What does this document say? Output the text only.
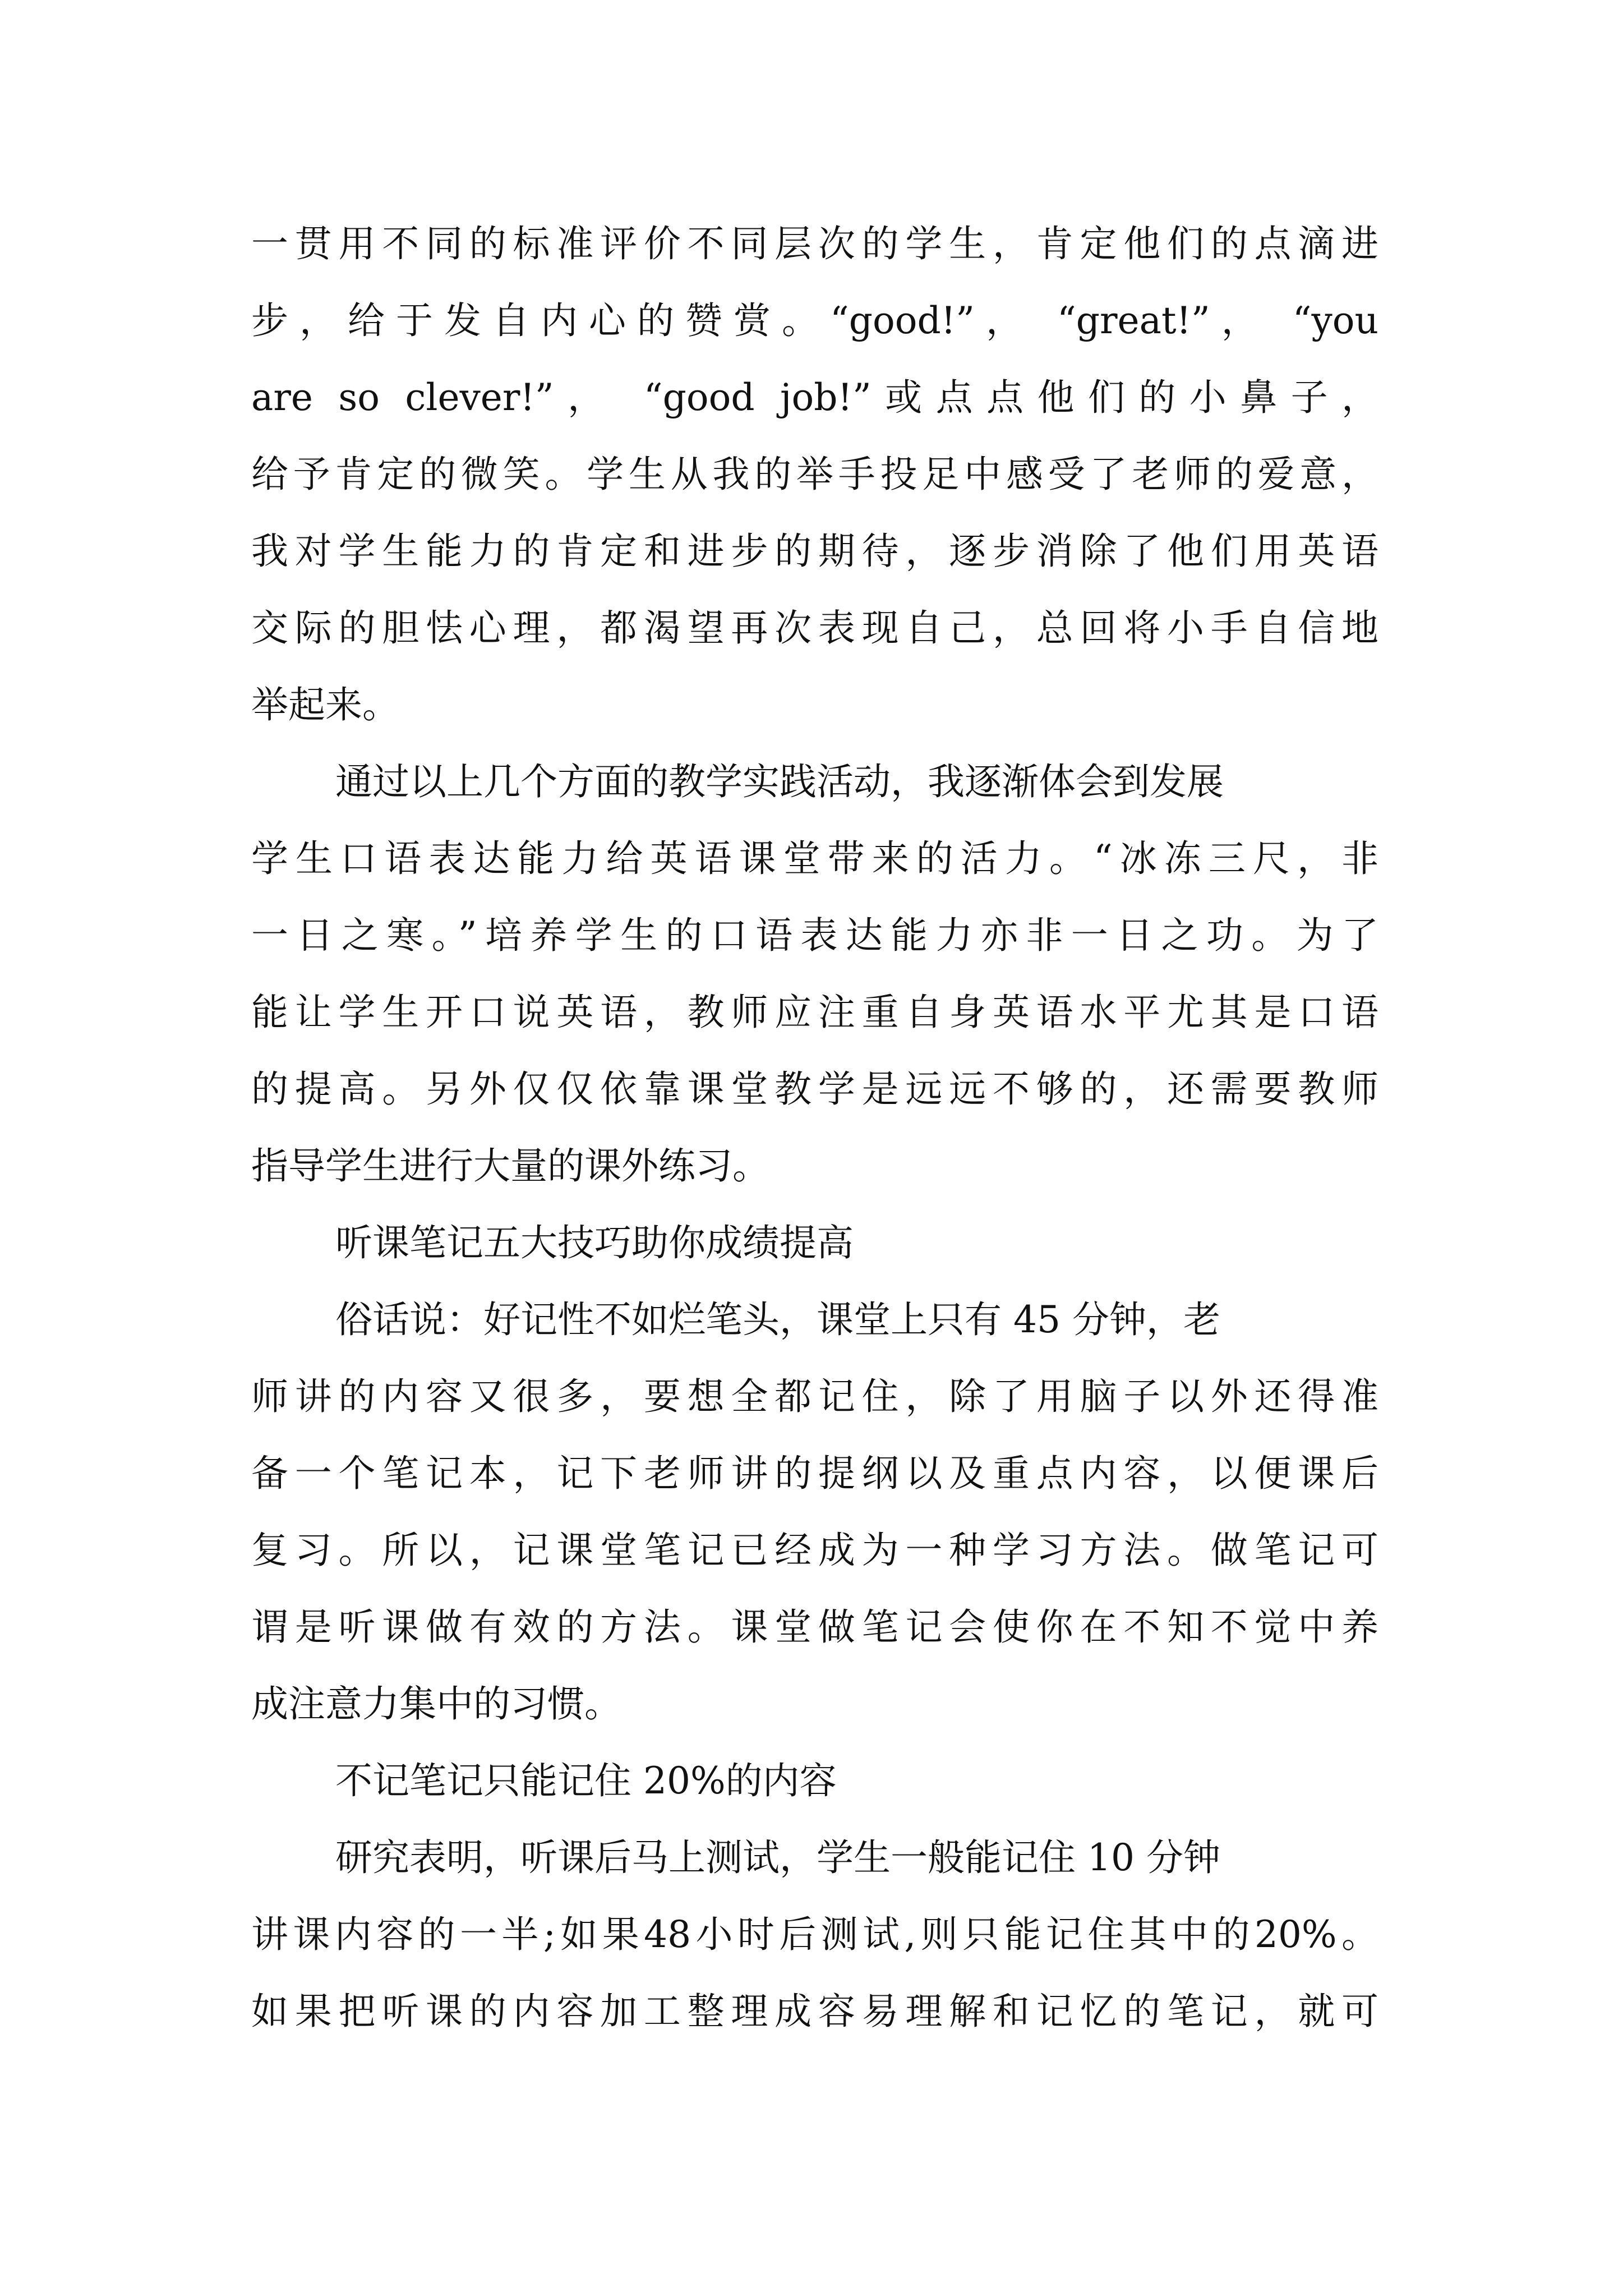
一贯用不同的标准评价不同层次的学生，肯定他们的点滴进
步，给于发自内心的赞赏。“good!”， “great!”， “you
are so clever!”， “good job!”或点点他们的小鼻子，
给予肯定的微笑。学生从我的举手投足中感受了老师的爱意，
我对学生能力的肯定和进步的期待，逐步消除了他们用英语
交际的胆怯心理，都渴望再次表现自己，总回将小手自信地
举起来。
通过以上几个方面的教学实践活动，我逐渐体会到发展
学生口语表达能力给英语课堂带来的活力。“冰冻三尺，非
一日之寒。”培养学生的口语表达能力亦非一日之功。为了
能让学生开口说英语，教师应注重自身英语水平尤其是口语
的提高。另外仅仅依靠课堂教学是远远不够的，还需要教师
指导学生进行大量的课外练习。
听课笔记五大技巧助你成绩提高
俗话说：好记性不如烂笔头，课堂上只有 45 分钟，老
师讲的内容又很多，要想全都记住，除了用脑子以外还得准
备一个笔记本，记下老师讲的提纲以及重点内容，以便课后
复习。所以，记课堂笔记已经成为一种学习方法。做笔记可
谓是听课做有效的方法。课堂做笔记会使你在不知不觉中养
成注意力集中的习惯。
不记笔记只能记住 20%的内容
研究表明，听课后马上测试，学生一般能记住 10 分钟
讲课内容的一半;如果48小时后测试,则只能记住其中的20%。
如果把听课的内容加工整理成容易理解和记忆的笔记，就可
